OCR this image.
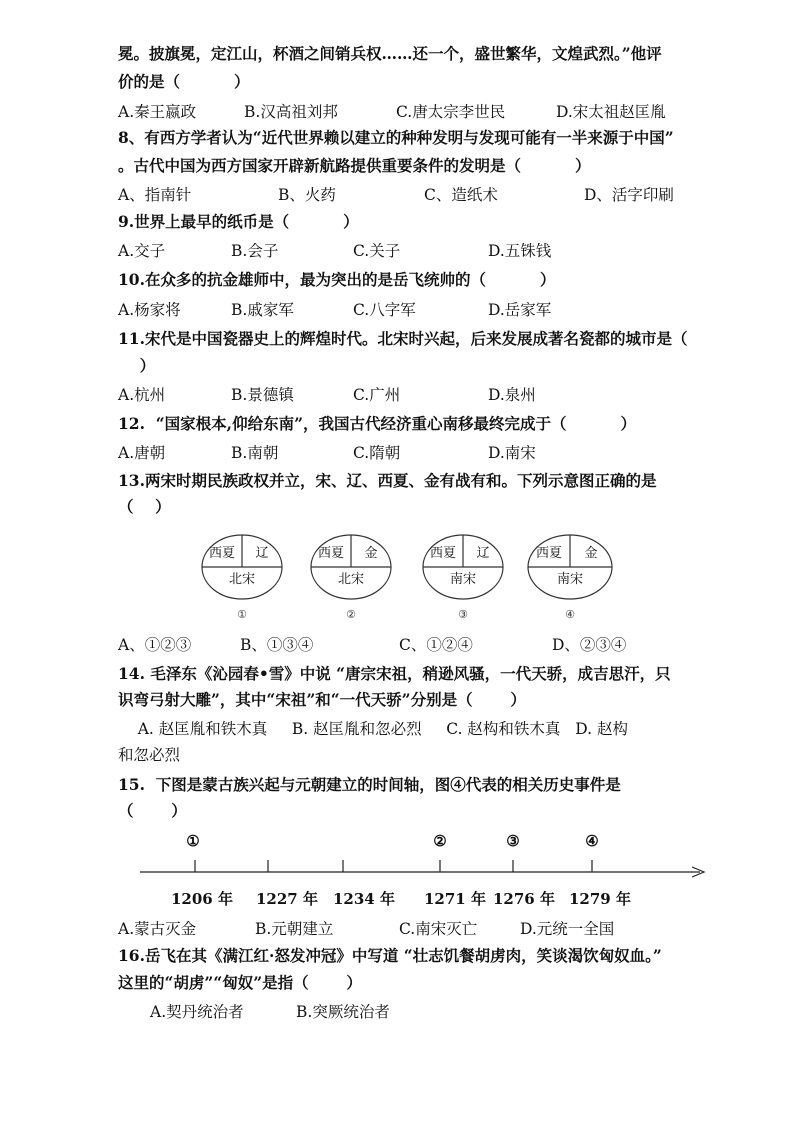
冕。披旗冕，定江山，杯酒之间销兵权……还一个，盛世繁华，文煌武烈。”他评
价的是（          ）
A.秦王嬴政	B.汉高祖刘邦	C.唐太宗李世民	D.宋太祖赵匡胤
8、有西方学者认为“近代世界赖以建立的种种发明与发现可能有一半来源于中国”
。古代中国为西方国家开辟新航路提供重要条件的发明是（          ）
A、指南针	B、火药	C、造纸术	D、活字印刷
9.世界上最早的纸币是（          ）
A.交子	B.会子	C.关子	D.五铢钱
10.在众多的抗金雄师中，最为突出的是岳飞统帅的（          ）
A.杨家将	B.戚家军	C.八字军	D.岳家军
11.宋代是中国瓷器史上的辉煌时代。北宋时兴起，后来发展成著名瓷都的城市是（
）
A.杭州	B.景德镇	C.广州	D.泉州
12.  “国家根本,仰给东南”，我国古代经济重心南移最终完成于（          ）
A.唐朝	B.南朝	C.隋朝	D.南宋
13.两宋时期民族政权并立，宋、辽、西夏、金有战有和。下列示意图正确的是
（    ）
西夏 辽
北宋
①
西夏 金
北宋
②
西夏 辽
南宋
③
西夏 金
南宋
④
①	②	③	④
1206 年 1227 年 1234 年 1271 年 1276 年 1279 年
A、①②③	B、①③④	C、①②④	D、②③④
14. 毛泽东《沁园春•雪》中说 “唐宗宋祖，稍逊风骚，一代天骄，成吉思汗，只
识弯弓射大雕”，其中“宋祖”和“一代天骄”分别是（       ）
A. 赵匡胤和铁木真     B. 赵匡胤和忽必烈     C. 赵构和铁木真   D. 赵构
和忽必烈
15.  下图是蒙古族兴起与元朝建立的时间轴，图④代表的相关历史事件是
（       ）
A.蒙古灭金	B.元朝建立	C.南宋灭亡	D.元统一全国
16.岳飞在其《满江红·怒发冲冠》中写道 “壮志饥餐胡虏肉，笑谈渴饮匈奴血。”
这里的“胡虏”“匈奴”是指（       ）
A.契丹统治者	B.突厥统治者
